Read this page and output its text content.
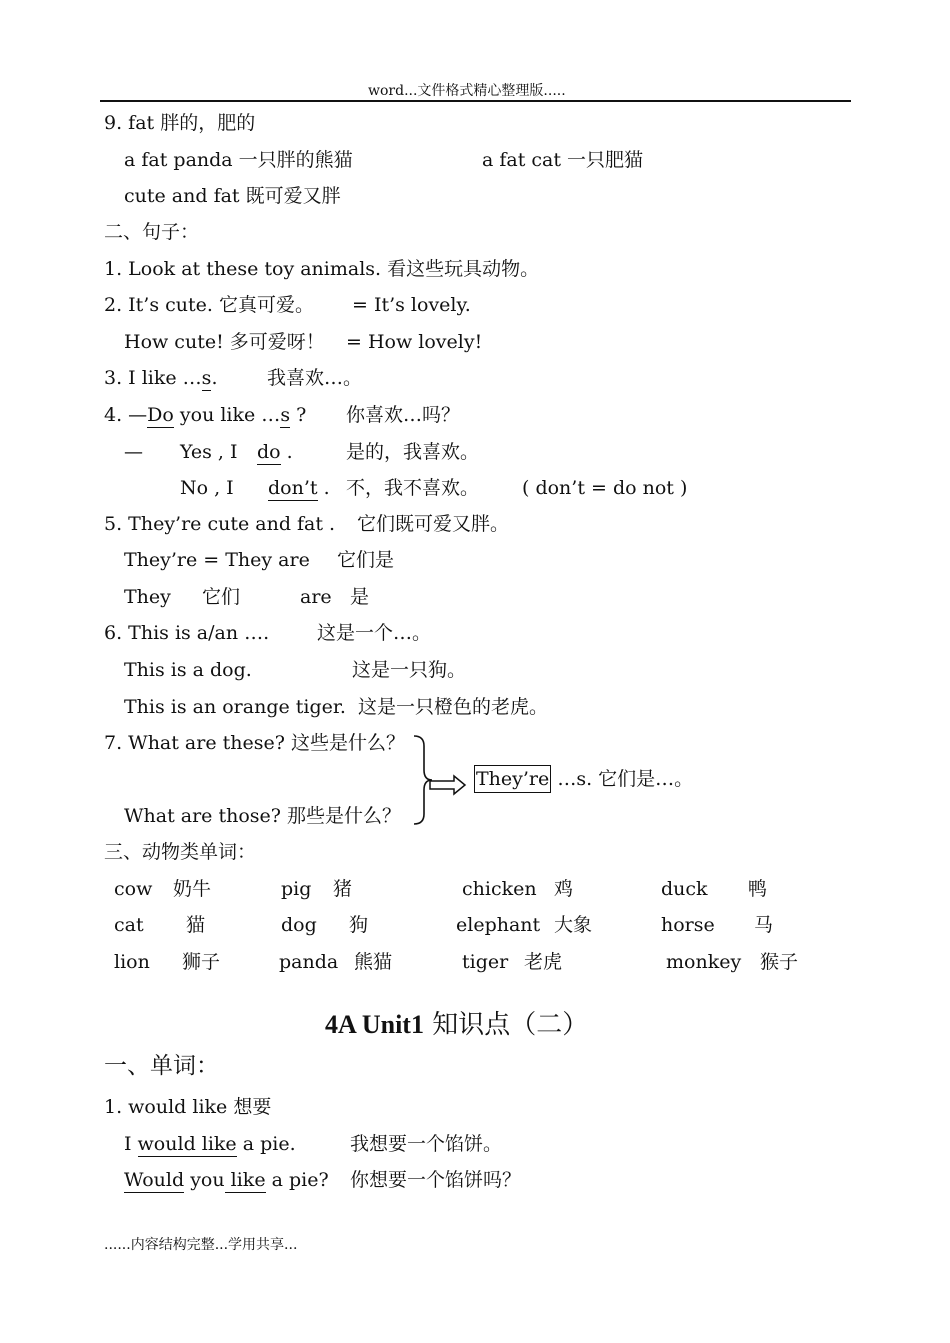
word...文件格式精心整理版.....
9. fat 胖的，肥的
a fat panda 一只胖的熊猫	a fat cat 一只肥猫
cute and fat 既可爱又胖
二、句子：
1. Look at these toy animals. 看这些玩具动物。
2. It’s cute. 它真可爱。 = It’s lovely.
How cute! 多可爱呀！ = How lovely!
3. I like …s.	我喜欢…。
4. —Do you like …s ? 你喜欢…吗？
— Yes , I do .	是的，我喜欢。
No , I don’t . 不，我不喜欢。 ( don’t = do not )
5. They’re cute and fat . 它们既可爱又胖。
They’re = They are 它们是
They 它们	are 是
6. This is a∕an ….	这是一个…。
This is a dog.	这是一只狗。
This is an orange tiger. 这是一只橙色的老虎。
7. What are these? 这些是什么？
What are those? 那些是什么？
They’re …s. 它们是…。
三、动物类单词：
cow 奶牛	pig 猪	chicken 鸡	duck 鸭
cat 猫	dog 狗	elephant 大象	horse 马
lion 狮子	panda 熊猫	tiger 老虎	monkey 猴子
4A Unit1 知识点（二）
一、单词：
1. would like 想要
I would like a pie.	我想要一个馅饼。
Would you like a pie? 你想要一个馅饼吗？
......内容结构完整...学用共享...
